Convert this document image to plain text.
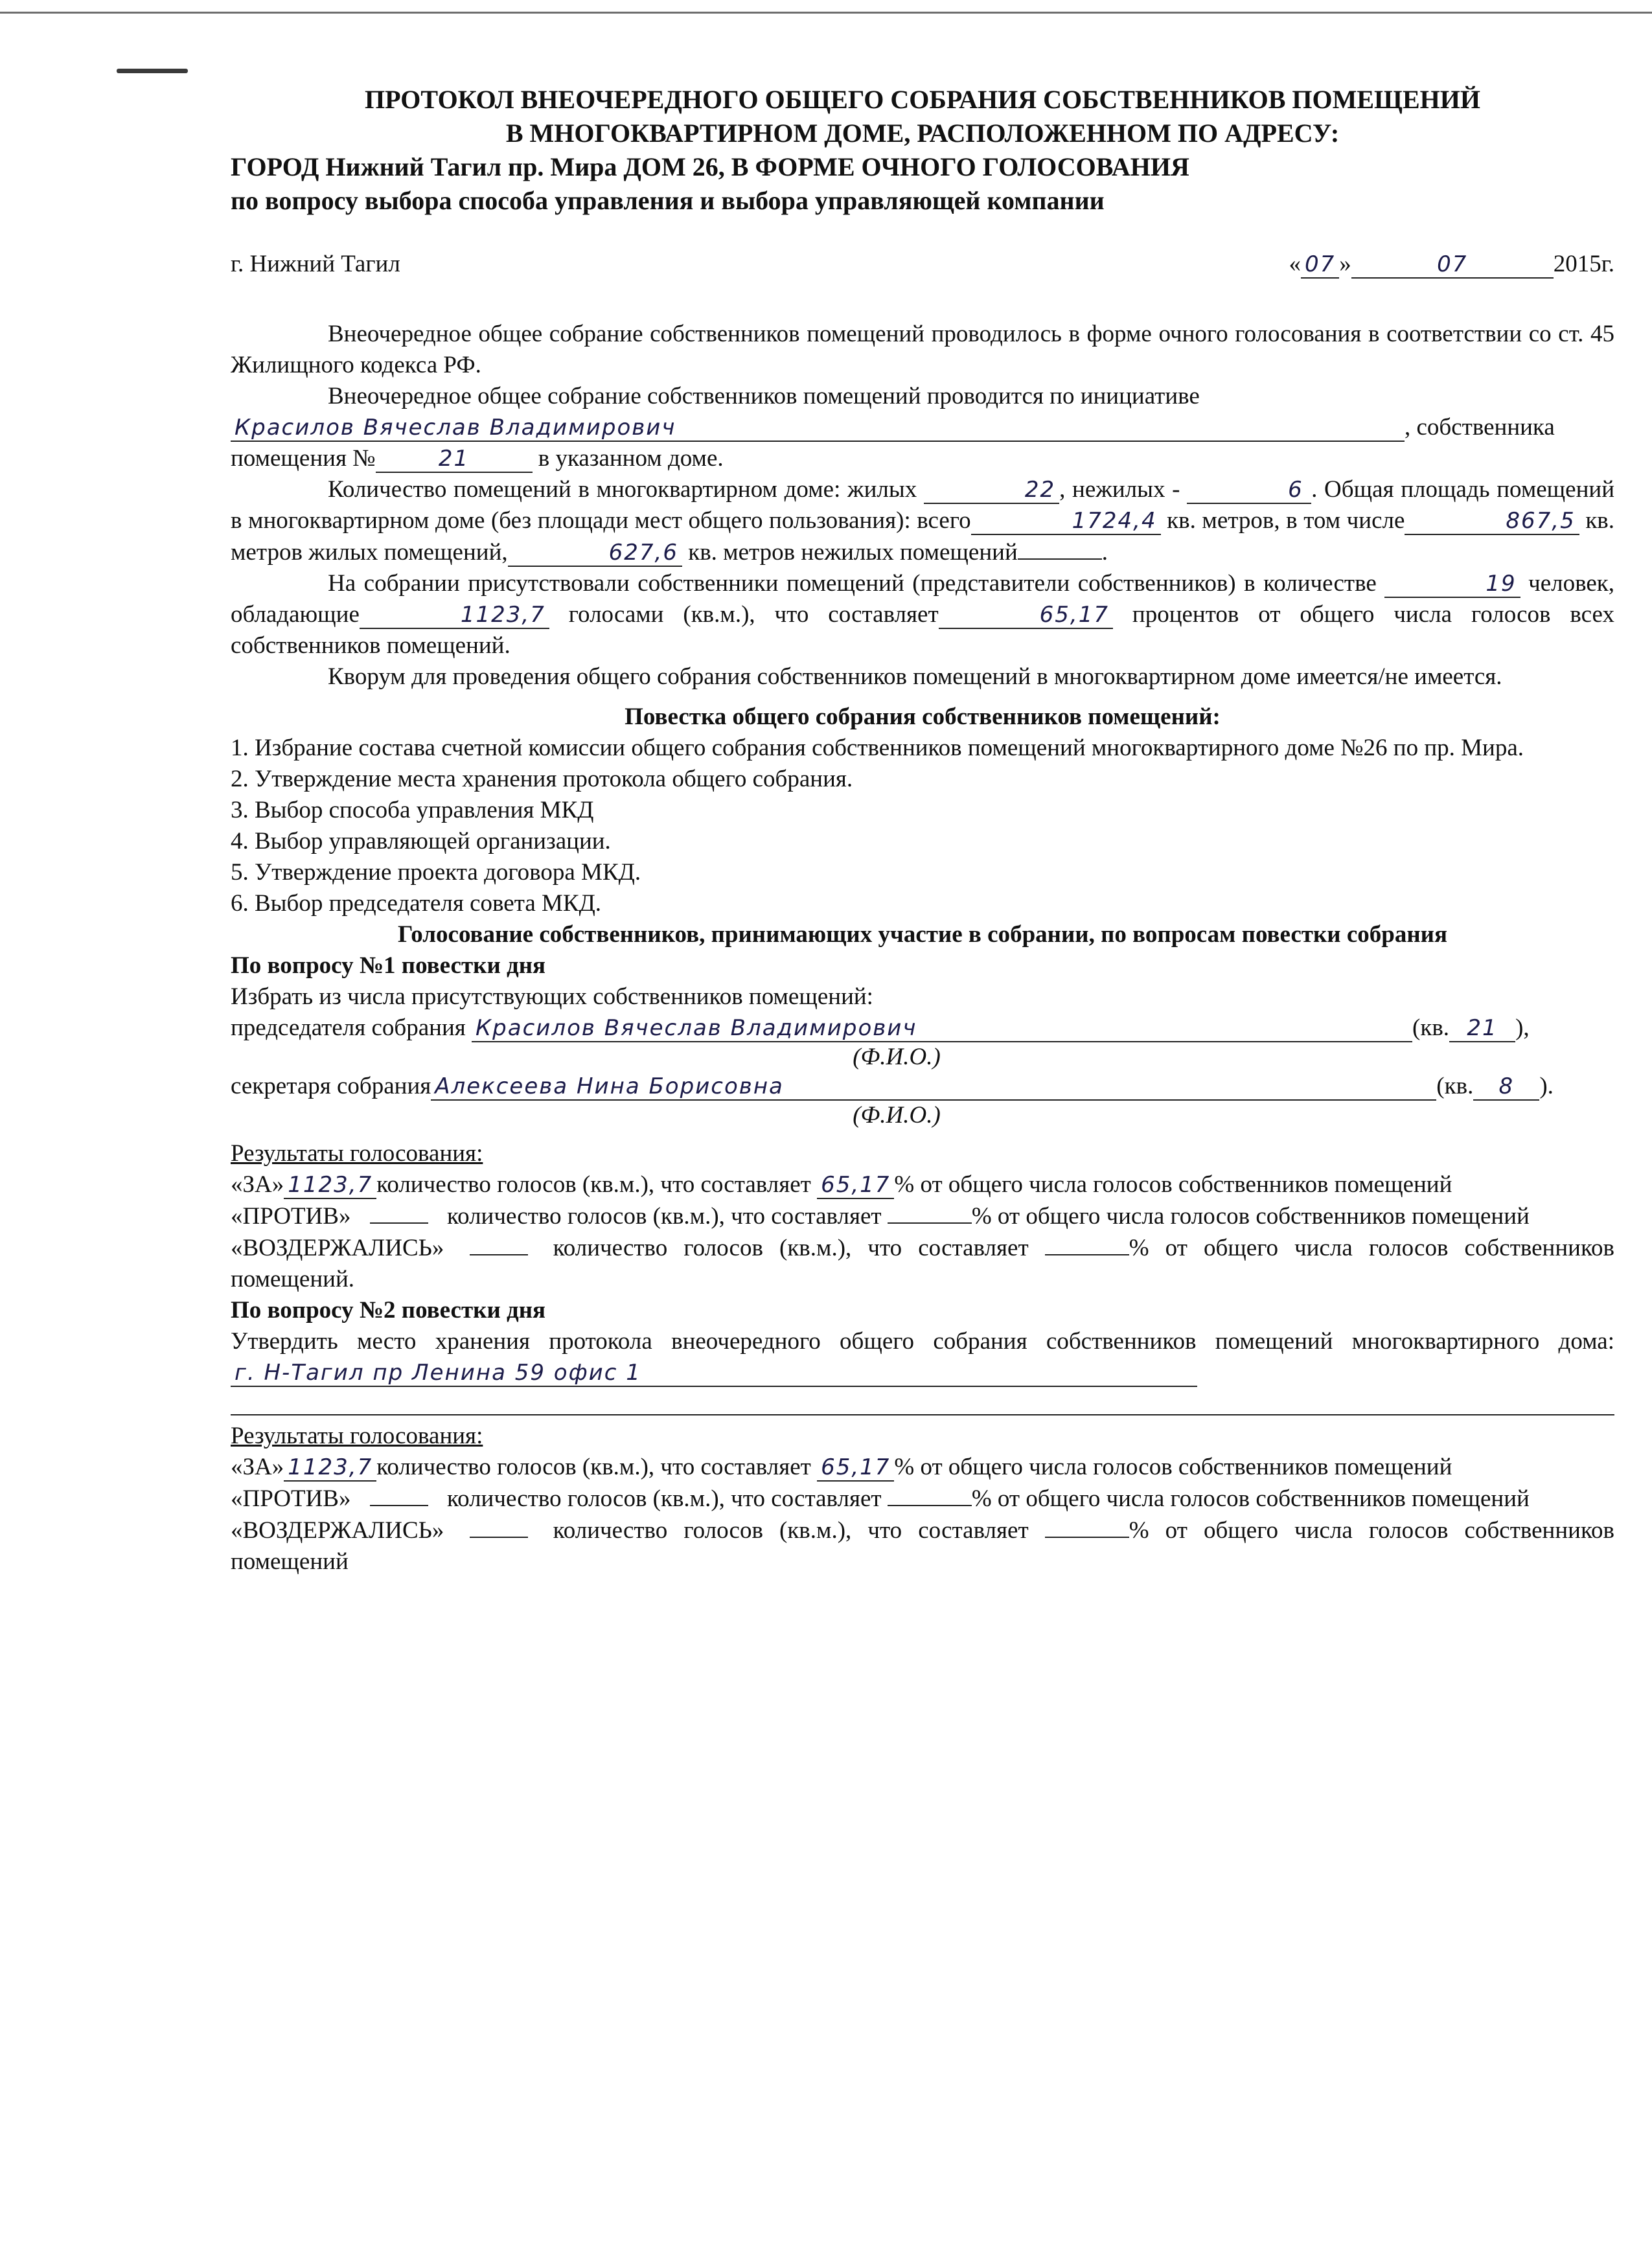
ПРОТОКОЛ ВНЕОЧЕРЕДНОГО ОБЩЕГО СОБРАНИЯ СОБСТВЕННИКОВ ПОМЕЩЕНИЙ
В МНОГОКВАРТИРНОМ ДОМЕ, РАСПОЛОЖЕННОМ ПО АДРЕСУ:
ГОРОД Нижний Тагил пр. Мира ДОМ 26, В ФОРМЕ ОЧНОГО ГОЛОСОВАНИЯ
по вопросу выбора способа управления и выбора управляющей компании
г. Нижний Тагил	« 07 »	07	2015г.
Внеочередное общее собрание собственников помещений проводилось в форме очного голосования в соответствии со ст. 45 Жилищного кодекса РФ.
Внеочередное общее собрание собственников помещений проводится по инициативе
Красилов Вячеслав Владимирович	, собственника
помещения №	21	в указанном доме.
Количество помещений в многоквартирном доме: жилых	22 , нежилых -	6 . Общая площадь помещений в многоквартирном доме (без площади мест общего пользования): всего	1724,4 кв. метров, в том числе	867,5 кв. метров жилых помещений,	627,6 кв. метров нежилых помещений	.
На собрании присутствовали собственники помещений (представители собственников) в количестве	19 человек, обладающие	1123,7 голосами (кв.м.), что составляет	65,17 процентов от общего числа голосов всех собственников помещений.
Кворум для проведения общего собрания собственников помещений в многоквартирном доме имеется/не имеется.
Повестка общего собрания собственников помещений:
1. Избрание состава счетной комиссии общего собрания собственников помещений многоквартирного доме №26 по пр. Мира.
2. Утверждение места хранения протокола общего собрания.
3. Выбор способа управления МКД
4. Выбор управляющей организации.
5. Утверждение проекта договора МКД.
6. Выбор председателя совета МКД.
Голосование собственников, принимающих участие в собрании, по вопросам повестки собрания
По вопросу №1 повестки дня
Избрать из числа присутствующих собственников помещений:
председателя собрания Красилов Вячеслав Владимирович	(кв. 21 ),
(Ф.И.О.)
секретаря собрания Алексеева Нина Борисовна	(кв. 8 ).
(Ф.И.О.)
Результаты голосования:
«ЗА» 1123,7 количество голосов (кв.м.), что составляет 65,17 % от общего числа голосов собственников помещений
«ПРОТИВ»	количество голосов (кв.м.), что составляет	% от общего числа голосов собственников помещений
«ВОЗДЕРЖАЛИСЬ»	количество голосов (кв.м.), что составляет	% от общего числа голосов собственников помещений.
По вопросу №2 повестки дня
Утвердить место хранения протокола внеочередного общего собрания собственников помещений многоквартирного дома: г. Н-Тагил пр Ленина 59 офис 1
Результаты голосования:
«ЗА» 1123,7 количество голосов (кв.м.), что составляет 65,17 % от общего числа голосов собственников помещений
«ПРОТИВ»	количество голосов (кв.м.), что составляет	% от общего числа голосов собственников помещений
«ВОЗДЕРЖАЛИСЬ»	количество голосов (кв.м.), что составляет	% от общего числа голосов собственников помещений
